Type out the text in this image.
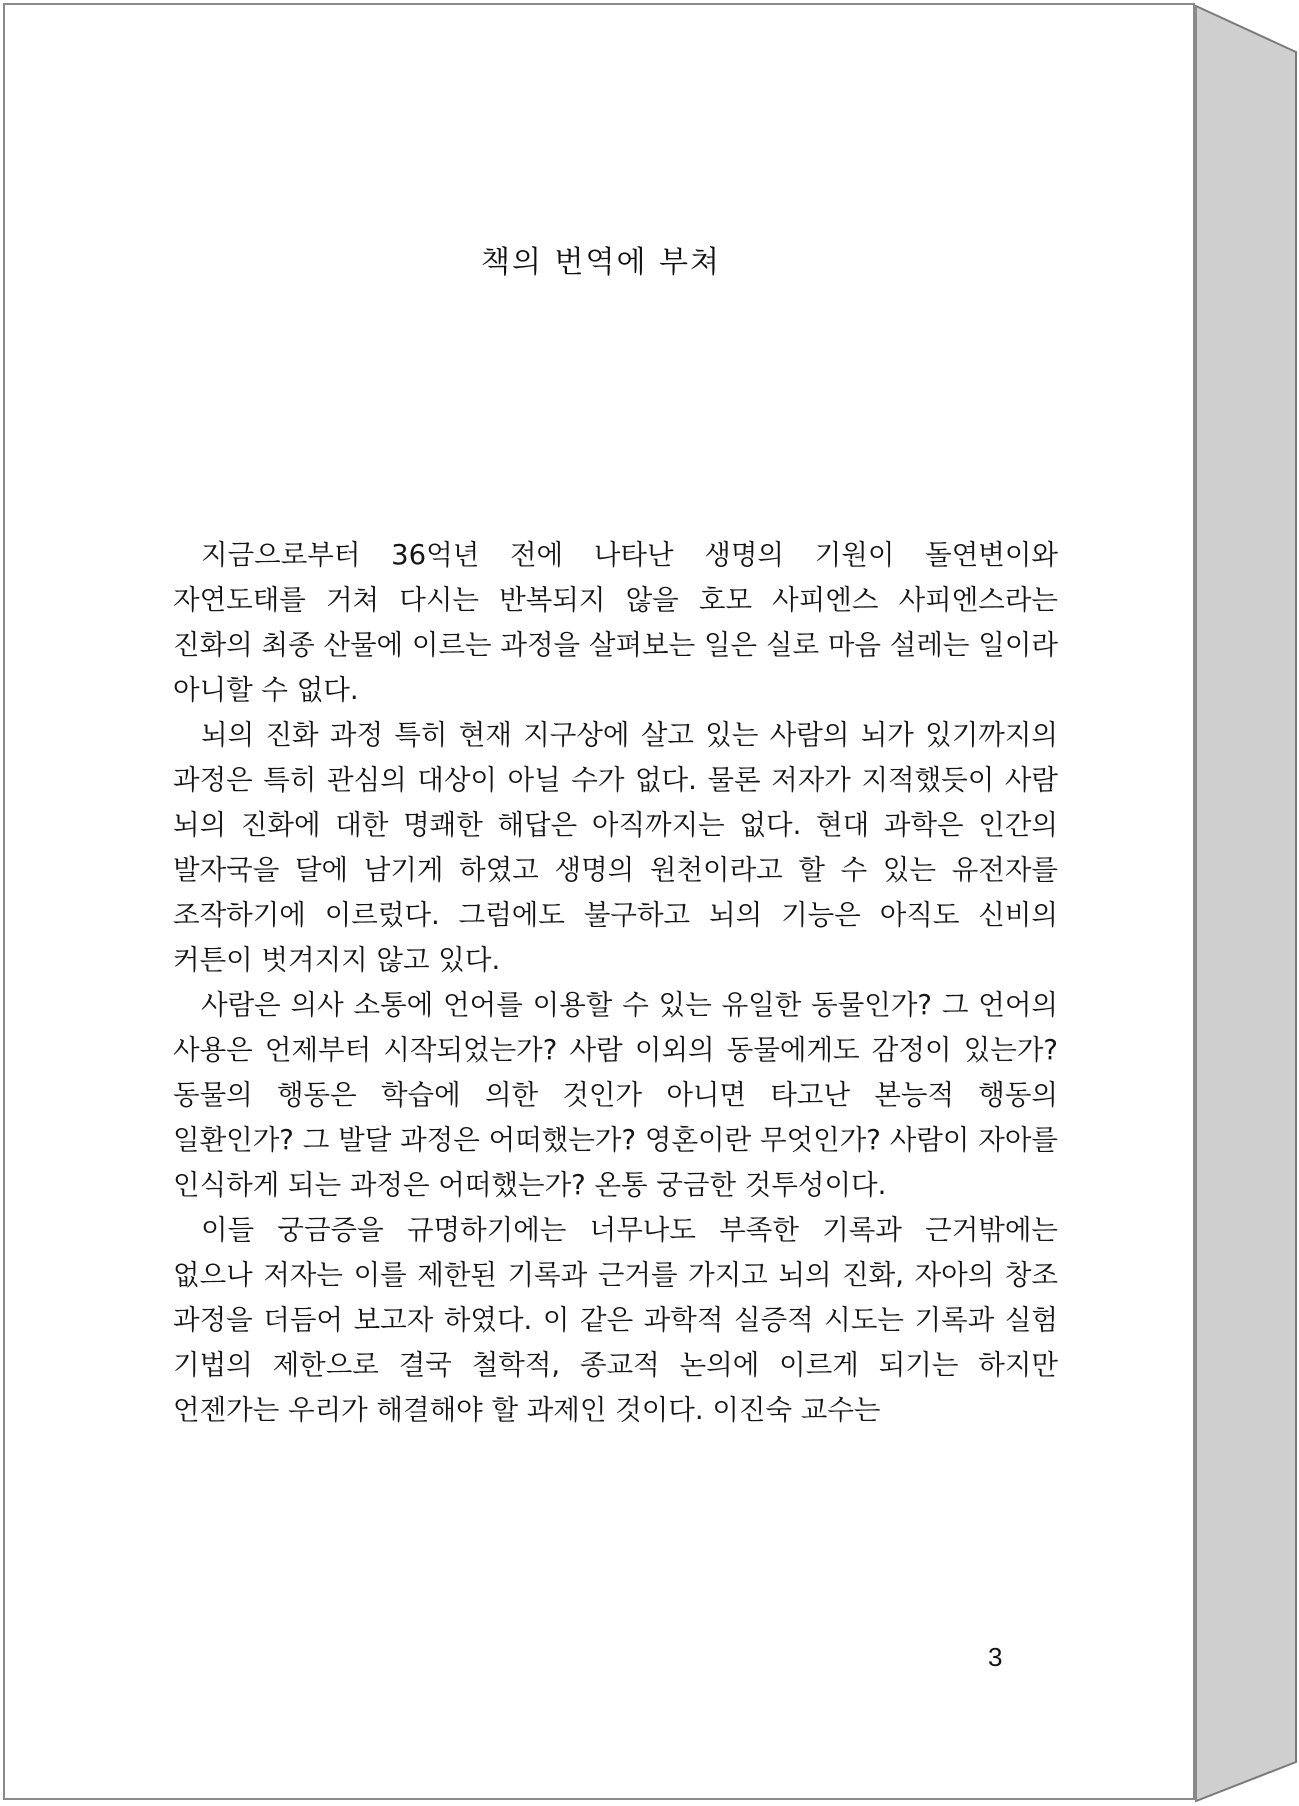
책의 번역에 부쳐

지금으로부터 36억년 전에 나타난 생명의 기원이 돌연변이와 자연도태를 거쳐 다시는 반복되지 않을 호모 사피엔스 사피엔스라는 진화의 최종 산물에 이르는 과정을 살펴보는 일은 실로 마음 설레는 일이라 아니할 수 없다.

뇌의 진화 과정 특히 현재 지구상에 살고 있는 사람의 뇌가 있기까지의 과정은 특히 관심의 대상이 아닐 수가 없다. 물론 저자가 지적했듯이 사람 뇌의 진화에 대한 명쾌한 해답은 아직까지는 없다. 현대 과학은 인간의 발자국을 달에 남기게 하였고 생명의 원천이라고 할 수 있는 유전자를 조작하기에 이르렀다. 그럼에도 불구하고 뇌의 기능은 아직도 신비의 커튼이 벗겨지지 않고 있다.

사람은 의사 소통에 언어를 이용할 수 있는 유일한 동물인가? 그 언어의 사용은 언제부터 시작되었는가? 사람 이외의 동물에게도 감정이 있는가? 동물의 행동은 학습에 의한 것인가 아니면 타고난 본능적 행동의 일환인가? 그 발달 과정은 어떠했는가? 영혼이란 무엇인가? 사람이 자아를 인식하게 되는 과정은 어떠했는가? 온통 궁금한 것투성이다.

이들 궁금증을 규명하기에는 너무나도 부족한 기록과 근거밖에는 없으나 저자는 이를 제한된 기록과 근거를 가지고 뇌의 진화, 자아의 창조 과정을 더듬어 보고자 하였다. 이 같은 과학적 실증적 시도는 기록과 실험 기법의 제한으로 결국 철학적, 종교적 논의에 이르게 되기는 하지만 언젠가는 우리가 해결해야 할 과제인 것이다. 이진숙 교수는

3
